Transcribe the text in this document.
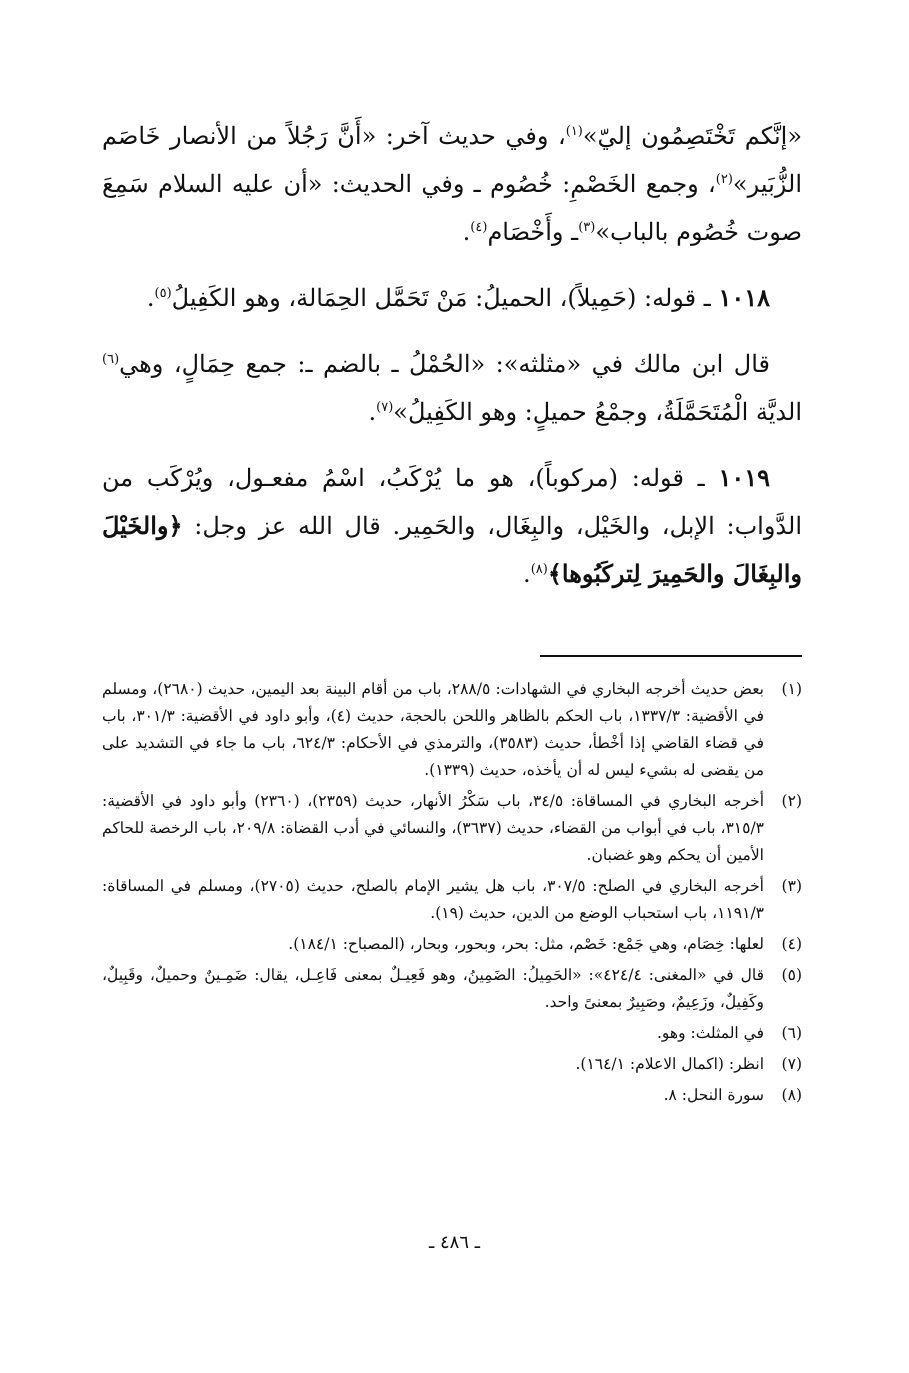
«إنَّكم تَخْتَصِمُون إليّ»$^{(١)}$، وفي حديث آخر: «أَنَّ رَجُلاً من الأنصار خَاصَم الزُّبَير»$^{(٢)}$، وجمع الخَصْمِ: خُصُوم ـ وفي الحديث: «أن عليه السلام سَمِعَ صوت خُصُوم بالباب»$^{(٣)}$ـ وأَخْصَام$^{(٤)}$.

١٠١٨ ـ قوله: (حَمِيلاً)، الحميلُ: مَنْ تَحَمَّل الحِمَالة، وهو الكَفِيلُ$^{(٥)}$.

قال ابن مالك في «مثلثه»: «الحُمْلُ ـ بالضم ـ: جمع حِمَالٍ، وهي$^{(٦)}$ الديَّة الْمُتَحَمَّلَةُ، وجمْعُ حميلٍ: وهو الكَفِيلُ»$^{(٧)}$.

١٠١٩ ـ قوله: (مركوباً)، هو ما يُرْكَبُ، اسْمُ مفعـول، ويُرْكَب من الدَّواب: الإبل، والخَيْل، والبِغَال، والحَمِير. قال الله عز وجل: ﴿والخَيْلَ والبِغَالَ والحَمِيرَ لِتركَبُوها﴾$^{(٨)}$.

(١)
بعض حديث أخرجه البخاري في الشهادات: ٢٨٨/٥، باب من أقام البينة بعد اليمين، حديث (٢٦٨٠)، ومسلم في الأقضية: ١٣٣٧/٣، باب الحكم بالظاهر واللحن بالحجة، حديث (٤)، وأبو داود في الأقضية: ٣٠١/٣، باب في قضاء القاضي إذا أخْطأ، حديث (٣٥٨٣)، والترمذي في الأحكام: ٦٢٤/٣، باب ما جاء في التشديد على من يقضى له بشيء ليس له أن يأخذه، حديث (١٣٣٩).
(٢)
أخرجه البخاري في المساقاة: ٣٤/٥، باب سَكْرُ الأنهار، حديث (٢٣٥٩)، (٢٣٦٠) وأبو داود في الأقضية: ٣١٥/٣، باب في أبواب من القضاء، حديث (٣٦٣٧)، والنسائي في أدب القضاة: ٢٠٩/٨، باب الرخصة للحاكم الأمين أن يحكم وهو غضبان.
(٣)
أخرجه البخاري في الصلح: ٣٠٧/٥، باب هل يشير الإمام بالصلح، حديث (٢٧٠٥)، ومسلم في المساقاة: ١١٩١/٣، باب استحباب الوضع من الدين، حديث (١٩).
(٤)
لعلها: خِصَام، وهي جَمْع: خَصْم، مثل: بحر، وبحور، وبحار، (المصباح: ١٨٤/١).
(٥)
قال في «المغنى: ٤٢٤/٤»: «الحَمِيلُ: الضَمِينُ، وهو فَعِيـلٌ بمعنى فَاعِـل، يقال: ضَمِـينٌ وحميلٌ، وقَبِيلٌ، وكَفِيلٌ، وزَعِيمٌ، وصَبِيرٌ بمعنىً واحد.
(٦)
في المثلث: وهو.
(٧)
انظر: (اكمال الاعلام: ١٦٤/١).
(٨)
سورة النحل: ٨.
ـ ٤٨٦ ـ
